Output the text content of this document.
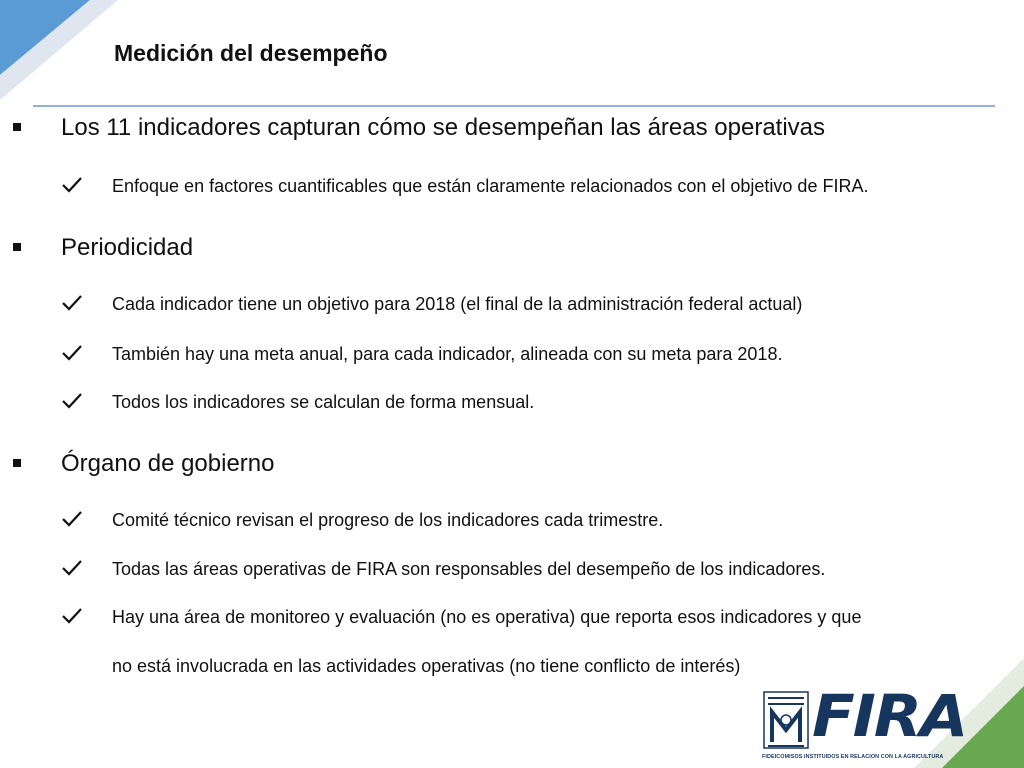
Medición del desempeño
Los 11 indicadores capturan cómo se desempeñan las áreas operativas
Enfoque en factores cuantificables que están claramente relacionados con el objetivo de FIRA.
Periodicidad
Cada indicador tiene un objetivo para 2018 (el final de la administración federal actual)
También hay una meta anual, para cada indicador, alineada con su meta para 2018.
Todos los indicadores se calculan de forma mensual.
Órgano de gobierno
Comité técnico revisan el progreso de los indicadores cada trimestre.
Todas las áreas operativas de FIRA son responsables del desempeño de los indicadores.
Hay una área de monitoreo y evaluación (no es operativa) que reporta esos indicadores y que
no está involucrada en las actividades operativas (no tiene conflicto de interés)
FIRA
FIDEICOMISOS INSTITUIDOS EN RELACION CON LA AGRICULTURA
